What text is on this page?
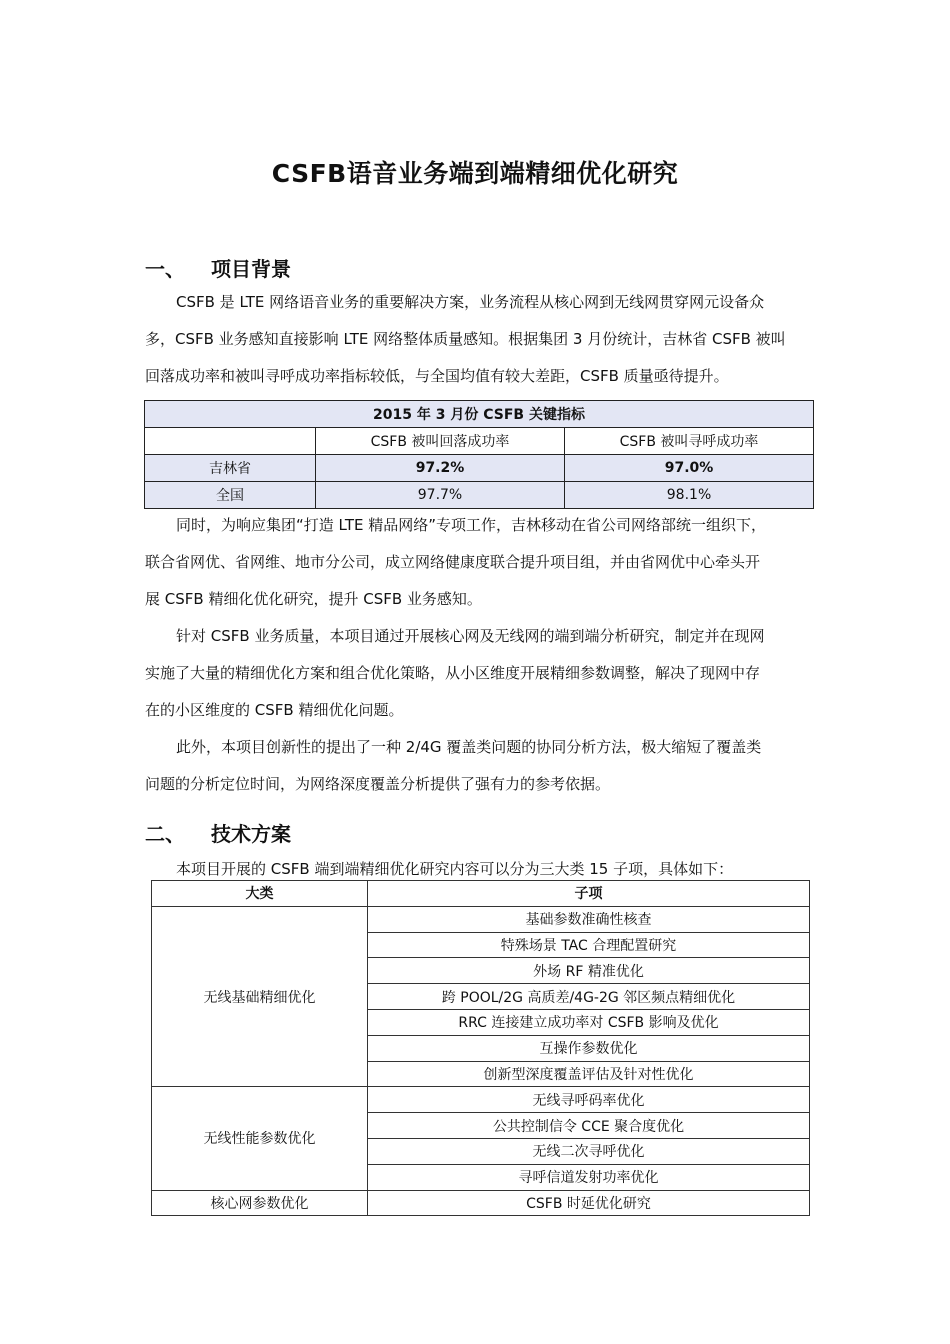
CSFB语音业务端到端精细优化研究
一、 项目背景
CSFB 是 LTE 网络语音业务的重要解决方案，业务流程从核心网到无线网贯穿网元设备众
多，CSFB 业务感知直接影响 LTE 网络整体质量感知。根据集团 3 月份统计，吉林省 CSFB 被叫
回落成功率和被叫寻呼成功率指标较低，与全国均值有较大差距，CSFB 质量亟待提升。
2015 年 3 月份 CSFB 关键指标		
	CSFB 被叫回落成功率	CSFB 被叫寻呼成功率
吉林省	97.2%	97.0%
全国	97.7%	98.1%
同时，为响应集团“打造 LTE 精品网络”专项工作，吉林移动在省公司网络部统一组织下，
联合省网优、省网维、地市分公司，成立网络健康度联合提升项目组，并由省网优中心牵头开
展 CSFB 精细化优化研究，提升 CSFB 业务感知。
针对 CSFB 业务质量，本项目通过开展核心网及无线网的端到端分析研究，制定并在现网
实施了大量的精细优化方案和组合优化策略，从小区维度开展精细参数调整，解决了现网中存
在的小区维度的 CSFB 精细优化问题。
此外，本项目创新性的提出了一种 2/4G 覆盖类问题的协同分析方法，极大缩短了覆盖类
问题的分析定位时间，为网络深度覆盖分析提供了强有力的参考依据。
二、 技术方案
本项目开展的 CSFB 端到端精细优化研究内容可以分为三大类 15 子项，具体如下：
大类	子项
无线基础精细优化	基础参数准确性核查
	特殊场景 TAC 合理配置研究
	外场 RF 精准优化
	跨 POOL/2G 高质差/4G-2G 邻区频点精细优化
	RRC 连接建立成功率对 CSFB 影响及优化
	互操作参数优化
	创新型深度覆盖评估及针对性优化
无线性能参数优化	无线寻呼码率优化
	公共控制信令 CCE 聚合度优化
	无线二次寻呼优化
	寻呼信道发射功率优化
核心网参数优化	CSFB 时延优化研究
